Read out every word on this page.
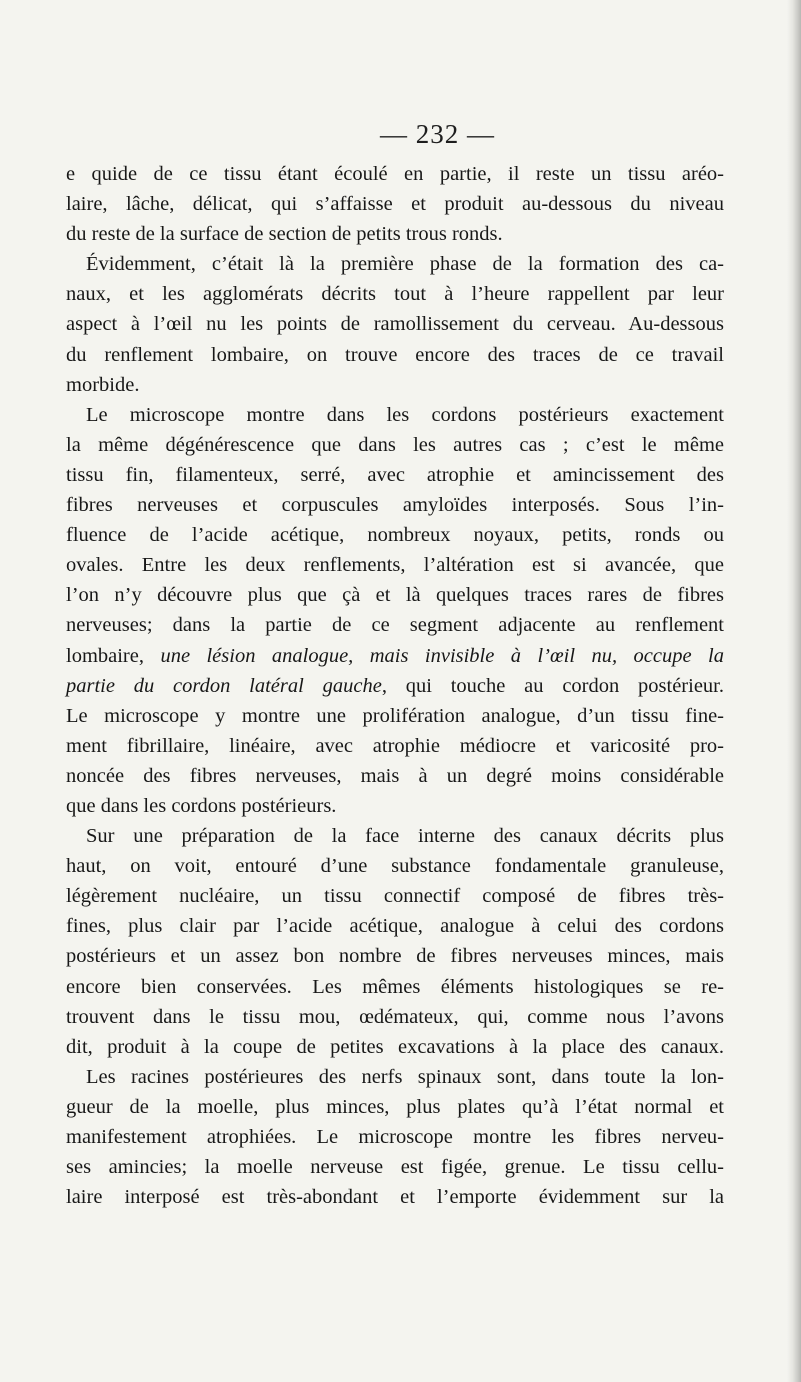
— 232 —
e quide de ce tissu étant écoulé en partie, il reste un tissu aréo-
laire, lâche, délicat, qui s’affaisse et produit au-dessous du niveau
du reste de la surface de section de petits trous ronds.
Évidemment, c’était là la première phase de la formation des ca-
naux, et les agglomérats décrits tout à l’heure rappellent par leur
aspect à l’œil nu les points de ramollissement du cerveau. Au-dessous
du renflement lombaire, on trouve encore des traces de ce travail
morbide.
Le microscope montre dans les cordons postérieurs exactement
la même dégénérescence que dans les autres cas ; c’est le même
tissu fin, filamenteux, serré, avec atrophie et amincissement des
fibres nerveuses et corpuscules amyloïdes interposés. Sous l’in-
fluence de l’acide acétique, nombreux noyaux, petits, ronds ou
ovales. Entre les deux renflements, l’altération est si avancée, que
l’on n’y découvre plus que çà et là quelques traces rares de fibres
nerveuses; dans la partie de ce segment adjacente au renflement
lombaire, une lésion analogue, mais invisible à l’œil nu, occupe la
partie du cordon latéral gauche, qui touche au cordon postérieur.
Le microscope y montre une prolifération analogue, d’un tissu fine-
ment fibrillaire, linéaire, avec atrophie médiocre et varicosité pro-
noncée des fibres nerveuses, mais à un degré moins considérable
que dans les cordons postérieurs.
Sur une préparation de la face interne des canaux décrits plus
haut, on voit, entouré d’une substance fondamentale granuleuse,
légèrement nucléaire, un tissu connectif composé de fibres très-
fines, plus clair par l’acide acétique, analogue à celui des cordons
postérieurs et un assez bon nombre de fibres nerveuses minces, mais
encore bien conservées. Les mêmes éléments histologiques se re-
trouvent dans le tissu mou, œdémateux, qui, comme nous l’avons
dit, produit à la coupe de petites excavations à la place des canaux.
Les racines postérieures des nerfs spinaux sont, dans toute la lon-
gueur de la moelle, plus minces, plus plates qu’à l’état normal et
manifestement atrophiées. Le microscope montre les fibres nerveu-
ses amincies; la moelle nerveuse est figée, grenue. Le tissu cellu-
laire interposé est très-abondant et l’emporte évidemment sur la
